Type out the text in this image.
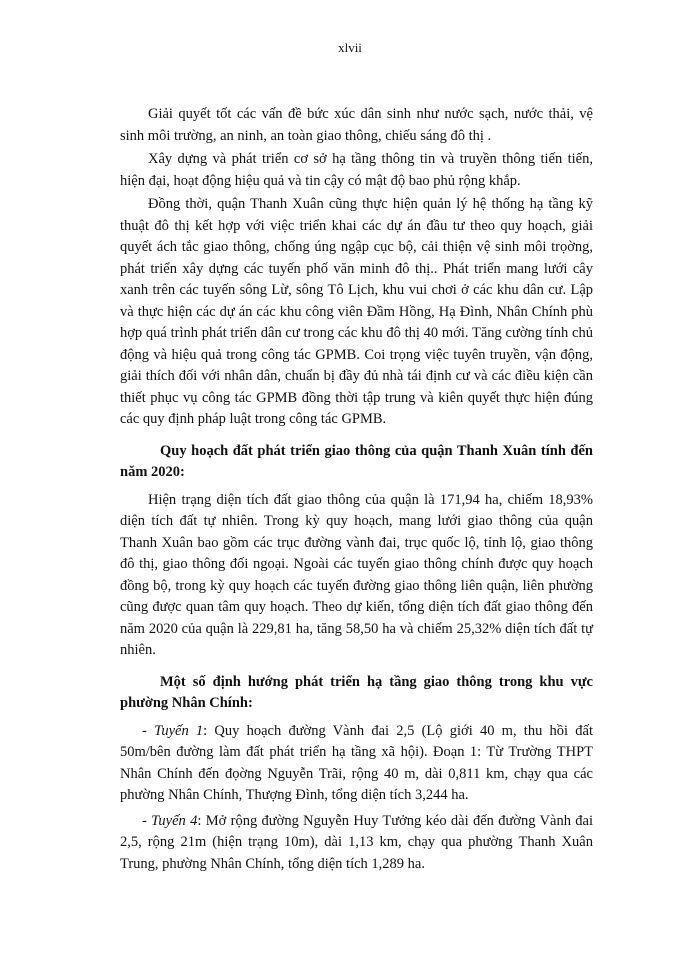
xlvii

Giải quyết tốt các vấn đề bức xúc dân sinh như nước sạch, nước thải, vệ sinh môi trường, an ninh, an toàn giao thông, chiếu sáng đô thị .

Xây dựng và phát triển cơ sở hạ tầng thông tin và truyền thông tiến tiến, hiện đại, hoạt động hiệu quả và tin cậy có mật độ bao phủ rộng khắp.

Đồng thời, quận Thanh Xuân cũng thực hiện quản lý hệ thống hạ tầng kỹ thuật đô thị kết hợp với việc triển khai các dự án đầu tư theo quy hoạch, giải quyết ách tắc giao thông, chống úng ngập cục bộ, cải thiện vệ sinh môi trọờng, phát triển xây dựng các tuyến phố văn minh đô thị.. Phát triển mang lưới cây xanh trên các tuyến sông Lừ, sông Tô Lịch, khu vui chơi ở các khu dân cư. Lập và thực hiện các dự án các khu công viên Đầm Hồng, Hạ Đình, Nhân Chính phù hợp quá trình phát triển dân cư trong các khu đô thị 40 mới. Tăng cường tính chủ động và hiệu quả trong công tác GPMB. Coi trọng việc tuyên truyền, vận động, giải thích đối với nhân dân, chuẩn bị đầy đủ nhà tái định cư và các điều kiện cần thiết phục vụ công tác GPMB đồng thời tập trung và kiên quyết thực hiện đúng các quy định pháp luật trong công tác GPMB.

Quy hoạch đất phát triển giao thông của quận Thanh Xuân tính đến năm 2020:

Hiện trạng diện tích đất giao thông của quận là 171,94 ha, chiếm 18,93% diện tích đất tự nhiên. Trong kỳ quy hoạch, mang lưới giao thông của quận Thanh Xuân bao gồm các trục đường vành đai, trục quốc lộ, tỉnh lộ, giao thông đô thị, giao thông đối ngoại. Ngoài các tuyến giao thông chính được quy hoạch đồng bộ, trong kỳ quy hoạch các tuyến đường giao thông liên quận, liên phường cũng được quan tâm quy hoạch. Theo dự kiến, tổng diện tích đất giao thông đến năm 2020 của quận là 229,81 ha, tăng 58,50 ha và chiếm 25,32% diện tích đất tự nhiên.

Một số định hướng phát triển hạ tầng giao thông trong khu vực phường Nhân Chính:

- Tuyến 1: Quy hoạch đường Vành đai 2,5 (Lộ giới 40 m, thu hồi đất 50m/bên đường làm đất phát triển hạ tầng xã hội). Đoạn 1: Từ Trường THPT Nhân Chính đến đọờng Nguyễn Trãi, rộng 40 m, dài 0,811 km, chạy qua các phường Nhân Chính, Thượng Đình, tổng diện tích 3,244 ha.

- Tuyến 4: Mở rộng đường Nguyễn Huy Tưởng kéo dài đến đường Vành đai 2,5, rộng 21m (hiện trạng 10m), dài 1,13 km, chạy qua phường Thanh Xuân Trung, phường Nhân Chính, tổng diện tích 1,289 ha.
